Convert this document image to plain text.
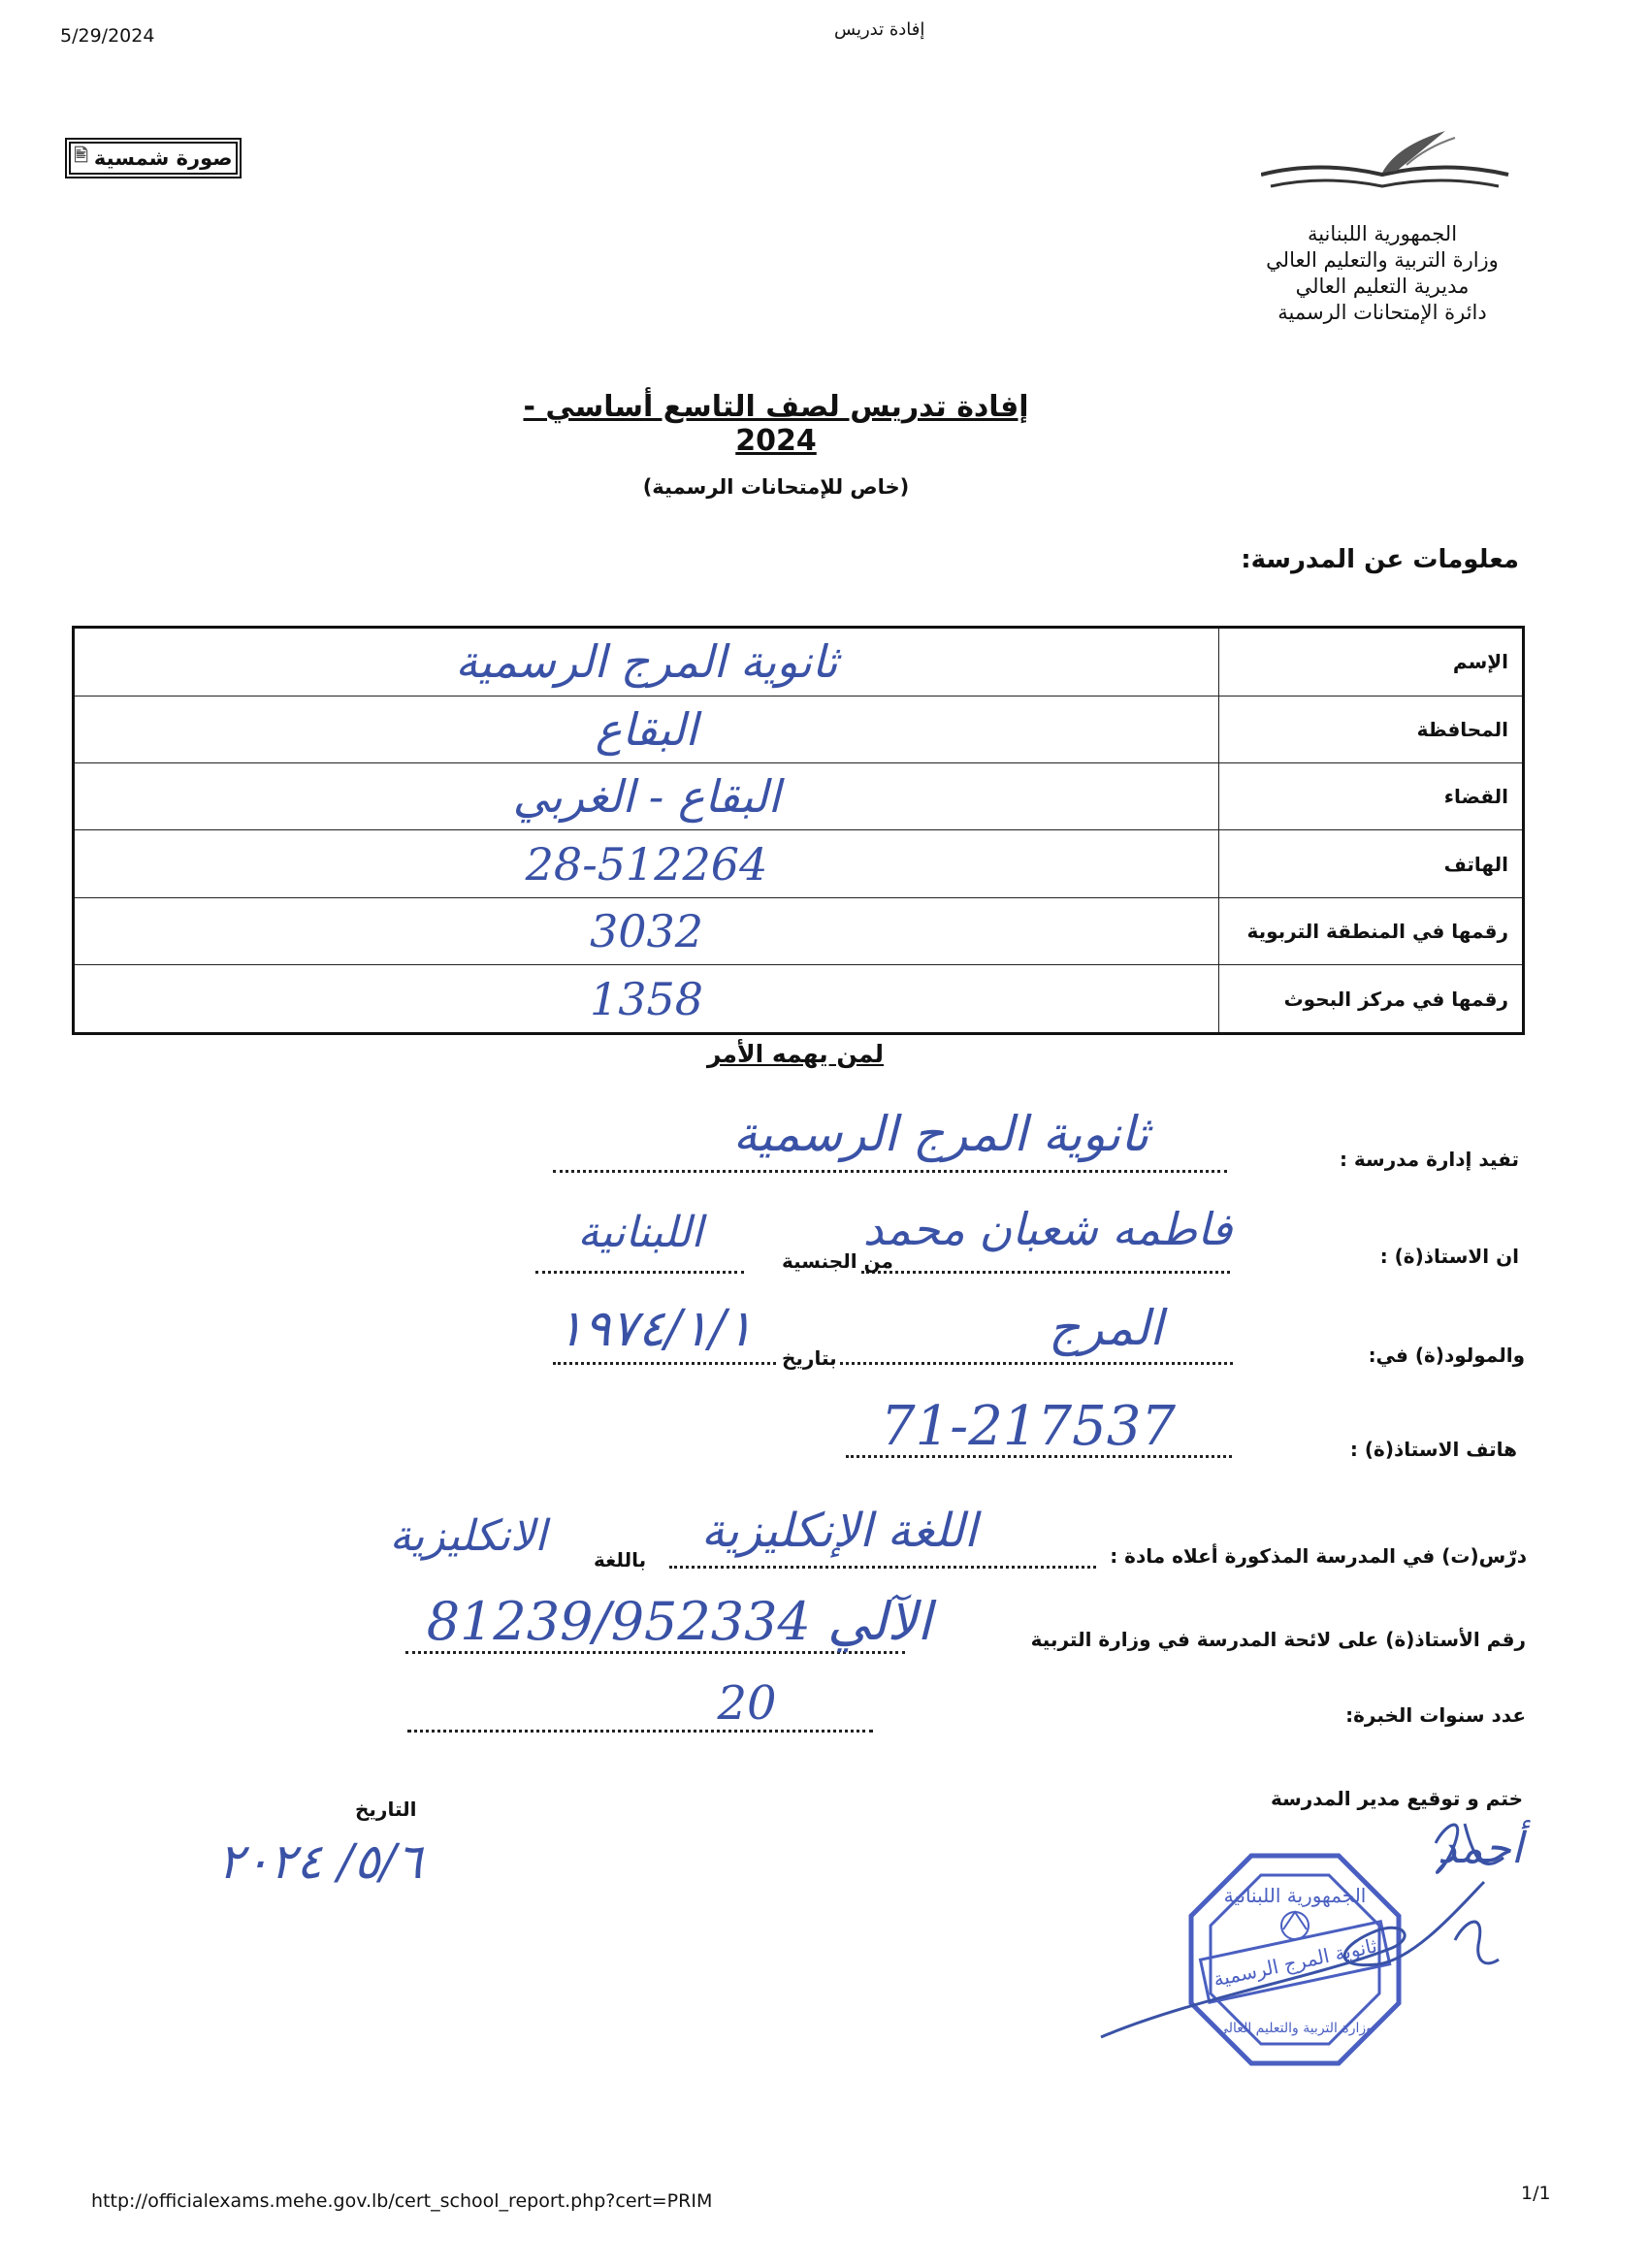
5/29/2024	إفادة تدريس
http://officialexams.mehe.gov.lb/cert_school_report.php?cert=PRIM	1/1
صورة شمسية
🖹
الجمهورية اللبنانية
وزارة التربية والتعليم العالي
مديرية التعليم العالي
دائرة الإمتحانات الرسمية
إفادة تدريس لصف التاسع أساسي - 2024
(خاص للإمتحانات الرسمية)
معلومات عن المدرسة:
الإسم	ثانوية المرج الرسمية
المحافظة	البقاع
القضاء	البقاع - الغربي
الهاتف	28-512264
رقمها في المنطقة التربوية	3032
رقمها في مركز البحوث	1358
لمن يهمه الأمر
تفيد إدارة مدرسة :
ثانوية المرج الرسمية
ان الاستاذ(ة) :
فاطمه شعبان محمد
من الجنسية
اللبنانية
والمولود(ة) في:
المرج
بتاريخ
١٩٧٤/١/١
هاتف الاستاذ(ة) :
71-217537
درّس(ت) في المدرسة المذكورة أعلاه مادة :
اللغة الإنكليزية
باللغة
الانكليزية
رقم الأستاذ(ة) على لائحة المدرسة في وزارة التربية
الآلي 81239/952334
عدد سنوات الخبرة:
20
ختم و توقيع مدير المدرسة
التاريخ
٥/٦/ ٢٠٢٤
الجمهورية اللبنانية
ثانوية المرج الرسمية
وزارة التربية والتعليم العالي
أحمد
